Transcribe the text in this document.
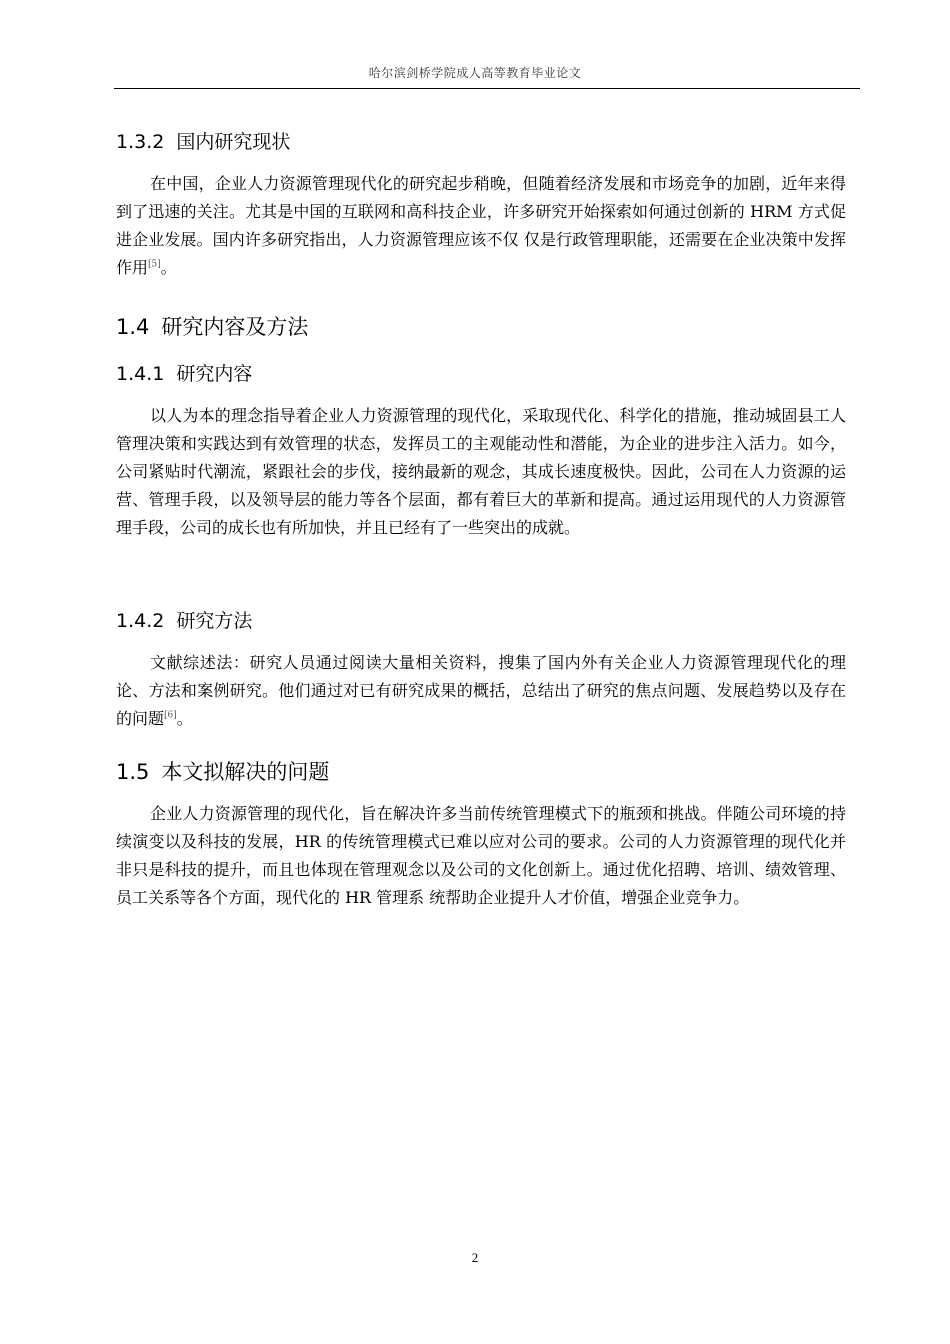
哈尔滨剑桥学院成人高等教育毕业论文
1.3.2 国内研究现状

在中国，企业人力资源管理现代化的研究起步稍晚，但随着经济发展和市场竞争的加剧，近年来得到了迅速的关注。尤其是中国的互联网和高科技企业，许多研究开始探索如何通过创新的 HRM 方式促进企业发展。国内许多研究指出，人力资源管理应该不仅 仅是行政管理职能，还需要在企业决策中发挥作用[5]。

1.4 研究内容及方法
1.4.1 研究内容

以人为本的理念指导着企业人力资源管理的现代化，采取现代化、科学化的措施，推动城固县工人管理决策和实践达到有效管理的状态，发挥员工的主观能动性和潜能，为企业的进步注入活力。如今，公司紧贴时代潮流，紧跟社会的步伐，接纳最新的观念，其成长速度极快。因此，公司在人力资源的运营、管理手段，以及领导层的能力等各个层面，都有着巨大的革新和提高。通过运用现代的人力资源管理手段，公司的成长也有所加快，并且已经有了一些突出的成就。

1.4.2 研究方法

文献综述法：研究人员通过阅读大量相关资料，搜集了国内外有关企业人力资源管理现代化的理论、方法和案例研究。他们通过对已有研究成果的概括，总结出了研究的焦点问题、发展趋势以及存在的问题[6]。

1.5 本文拟解决的问题

企业人力资源管理的现代化，旨在解决许多当前传统管理模式下的瓶颈和挑战。伴随公司环境的持续演变以及科技的发展，HR 的传统管理模式已难以应对公司的要求。公司的人力资源管理的现代化并非只是科技的提升，而且也体现在管理观念以及公司的文化创新上。通过优化招聘、培训、绩效管理、员工关系等各个方面，现代化的 HR 管理系 统帮助企业提升人才价值，增强企业竞争力。

2
